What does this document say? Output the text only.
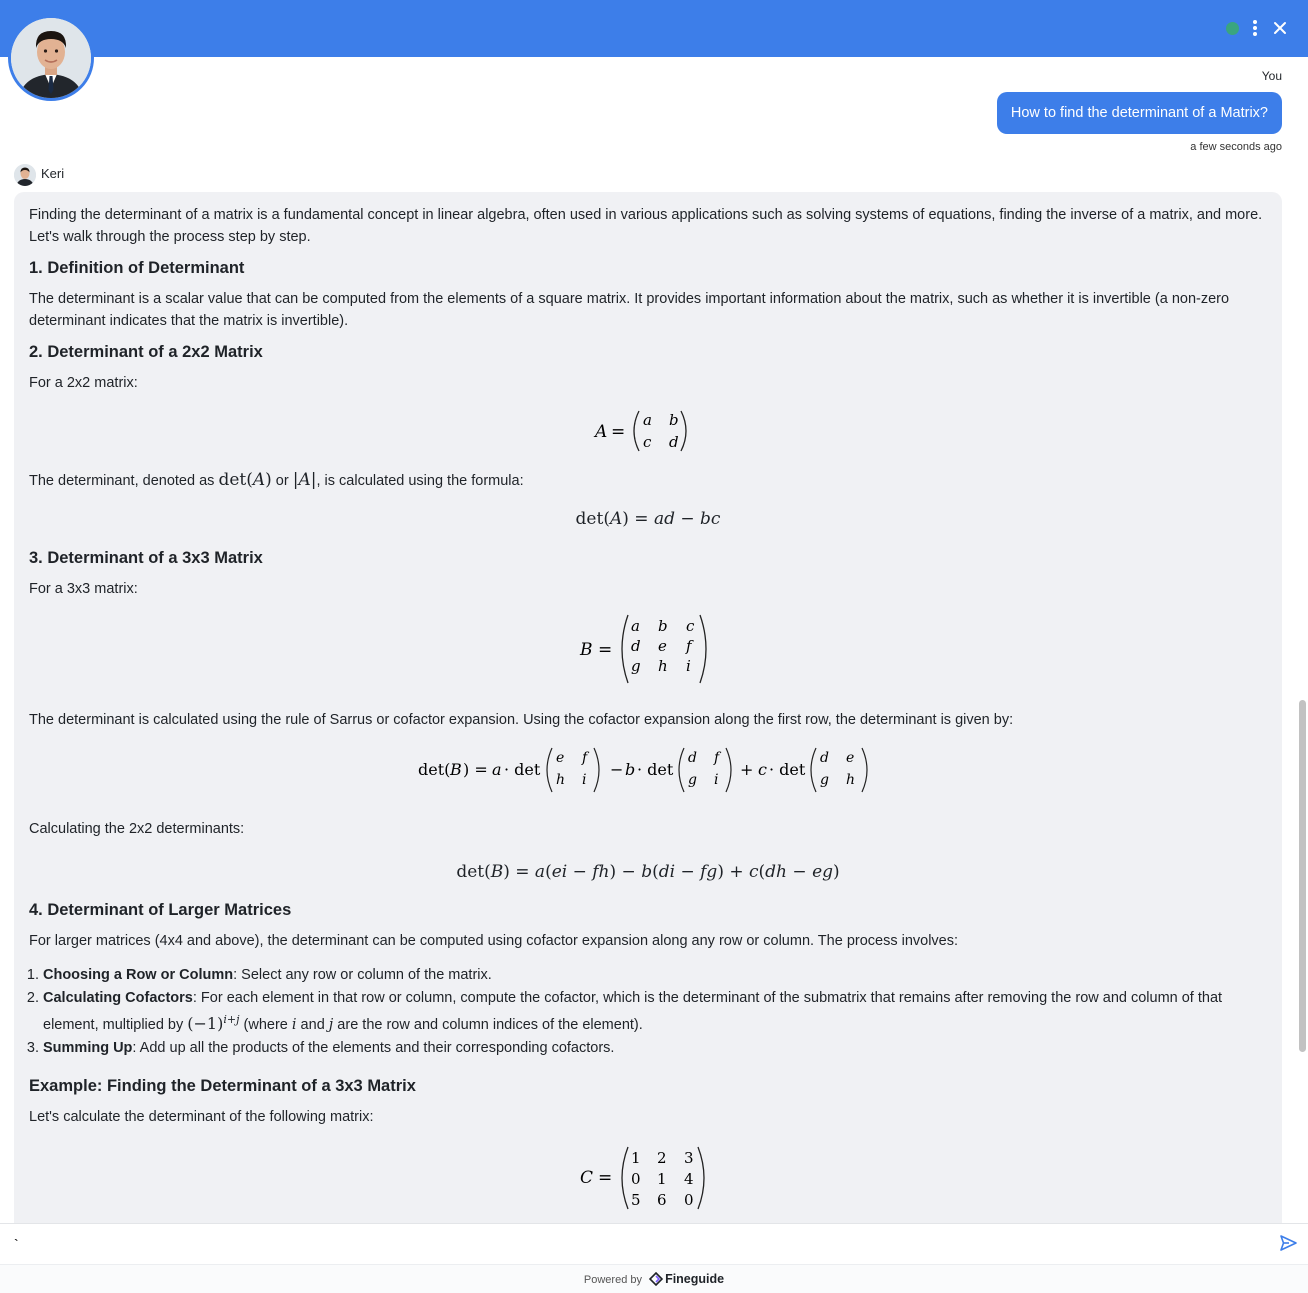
You
How to find the determinant of a Matrix?
a few seconds ago
Keri

Finding the determinant of a matrix is a fundamental concept in linear algebra, often used in various applications such as solving systems of equations, finding the inverse of a matrix, and more. Let's walk through the process step by step.

1. Definition of Determinant

The determinant is a scalar value that can be computed from the elements of a square matrix. It provides important information about the matrix, such as whether it is invertible (a non-zero determinant indicates that the matrix is invertible).

2. Determinant of a 2x2 Matrix

For a 2x2 matrix:

A =
a b
c d

The determinant, denoted as det(A) or |A|, is calculated using the formula:

det(A) = ad − bc
3. Determinant of a 3x3 Matrix

For a 3x3 matrix:

B =
a b c
d e f
g h i

The determinant is calculated using the rule of Sarrus or cofactor expansion. Using the cofactor expansion along the first row, the determinant is given by:

det( B ) = a · det
e f
h i
− b · det
d f
g i
+ c · det
d e
g h

Calculating the 2x2 determinants:

det(B) = a(ei − fh) − b(di − fg) + c(dh − eg)
4. Determinant of Larger Matrices

For larger matrices (4x4 and above), the determinant can be computed using cofactor expansion along any row or column. The process involves:

1. Choosing a Row or Column: Select any row or column of the matrix.
2. Calculating Cofactors: For each element in that row or column, compute the cofactor, which is the determinant of the submatrix that remains after removing the row and column of that element, multiplied by $(-1)^{i+j}$ (where i and j are the row and column indices of the element).
3. Summing Up: Add up all the products of the elements and their corresponding cofactors.
Example: Finding the Determinant of a 3x3 Matrix

Let's calculate the determinant of the following matrix:

C =
1 2 3
0 1 4
5 6 0
`
Powered by Fineguide
